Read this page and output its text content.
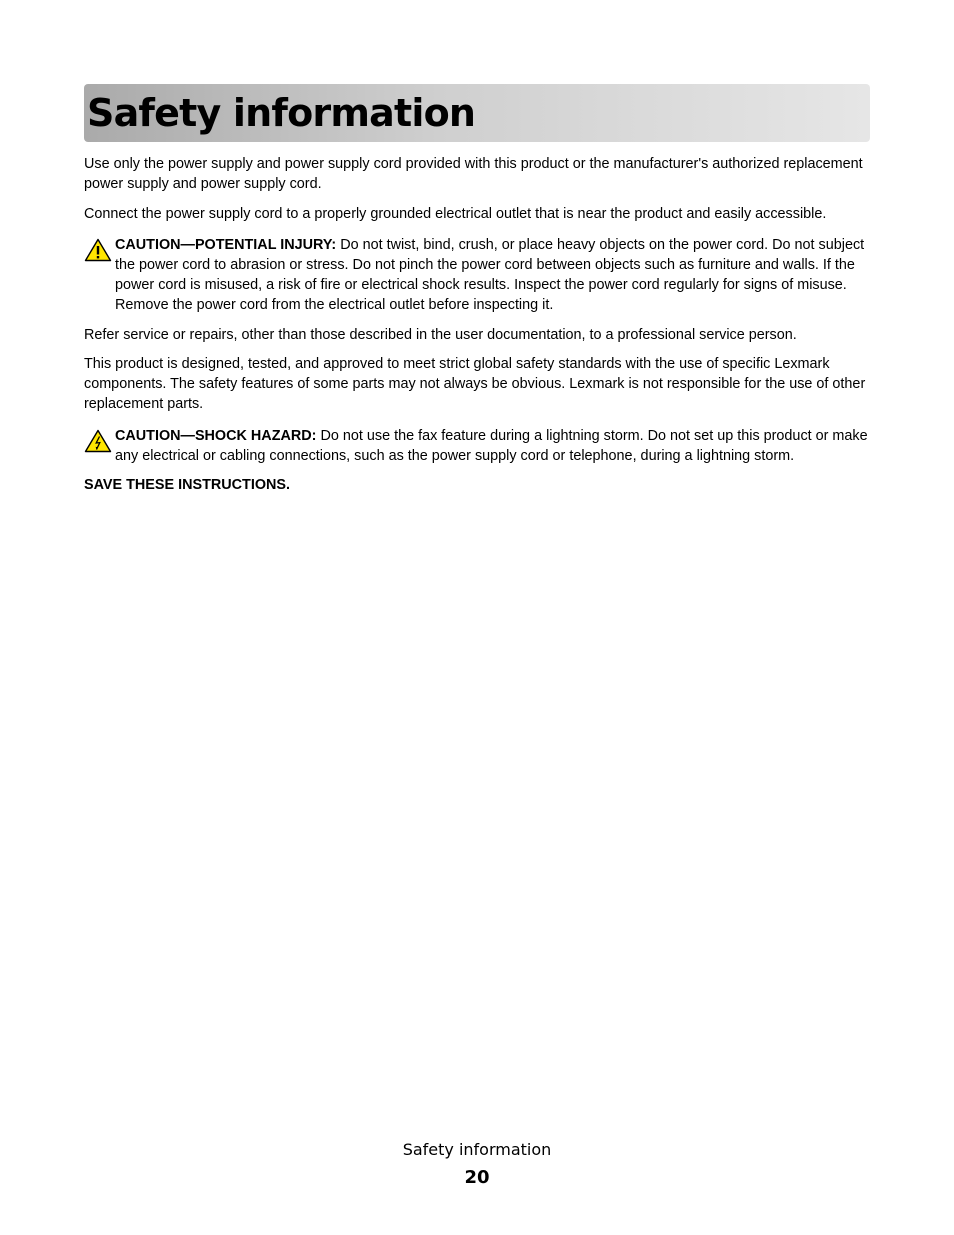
Safety information

Use only the power supply and power supply cord provided with this product or the manufacturer's authorized replacement power supply and power supply cord.

Connect the power supply cord to a properly grounded electrical outlet that is near the product and easily accessible.

CAUTION—POTENTIAL INJURY: Do not twist, bind, crush, or place heavy objects on the power cord. Do not subject the power cord to abrasion or stress. Do not pinch the power cord between objects such as furniture and walls. If the power cord is misused, a risk of fire or electrical shock results. Inspect the power cord regularly for signs of misuse. Remove the power cord from the electrical outlet before inspecting it.

Refer service or repairs, other than those described in the user documentation, to a professional service person.

This product is designed, tested, and approved to meet strict global safety standards with the use of specific Lexmark components. The safety features of some parts may not always be obvious. Lexmark is not responsible for the use of other replacement parts.

CAUTION—SHOCK HAZARD: Do not use the fax feature during a lightning storm. Do not set up this product or make any electrical or cabling connections, such as the power supply cord or telephone, during a lightning storm.

SAVE THESE INSTRUCTIONS.

Safety information
20
